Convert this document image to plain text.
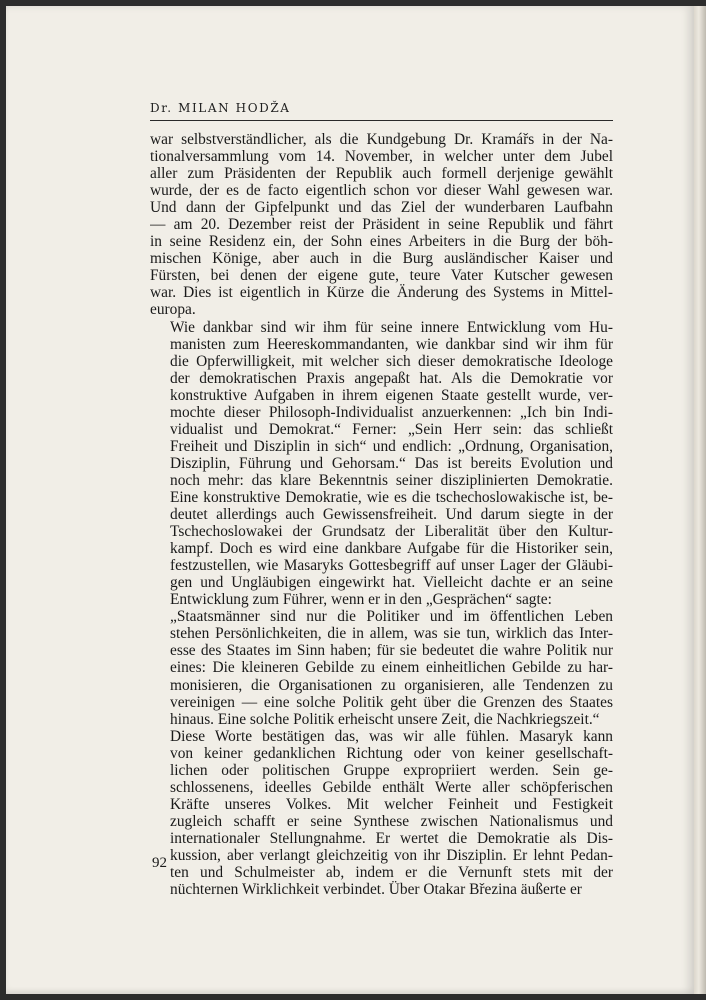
Dr. MILAN HODŽA

war selbstverständlicher, als die Kundgebung Dr. Kramářs in der Na-
tionalversammlung vom 14. November, in welcher unter dem Jubel
aller zum Präsidenten der Republik auch formell derjenige gewählt
wurde, der es de facto eigentlich schon vor dieser Wahl gewesen war.
Und dann der Gipfelpunkt und das Ziel der wunderbaren Laufbahn
— am 20. Dezember reist der Präsident in seine Republik und fährt
in seine Residenz ein, der Sohn eines Arbeiters in die Burg der böh-
mischen Könige, aber auch in die Burg ausländischer Kaiser und
Fürsten, bei denen der eigene gute, teure Vater Kutscher gewesen
war. Dies ist eigentlich in Kürze die Änderung des Systems in Mittel-
europa.

Wie dankbar sind wir ihm für seine innere Entwicklung vom Hu-
manisten zum Heereskommandanten, wie dankbar sind wir ihm für
die Opferwilligkeit, mit welcher sich dieser demokratische Ideologe
der demokratischen Praxis angepaßt hat. Als die Demokratie vor
konstruktive Aufgaben in ihrem eigenen Staate gestellt wurde, ver-
mochte dieser Philosoph-Individualist anzuerkennen: „Ich bin Indi-
vidualist und Demokrat.“ Ferner: „Sein Herr sein: das schließt
Freiheit und Disziplin in sich“ und endlich: „Ordnung, Organisation,
Disziplin, Führung und Gehorsam.“ Das ist bereits Evolution und
noch mehr: das klare Bekenntnis seiner disziplinierten Demokratie.
Eine konstruktive Demokratie, wie es die tschechoslowakische ist, be-
deutet allerdings auch Gewissensfreiheit. Und darum siegte in der
Tschechoslowakei der Grundsatz der Liberalität über den Kultur-
kampf. Doch es wird eine dankbare Aufgabe für die Historiker sein,
festzustellen, wie Masaryks Gottesbegriff auf unser Lager der Gläubi-
gen und Ungläubigen eingewirkt hat. Vielleicht dachte er an seine
Entwicklung zum Führer, wenn er in den „Gesprächen“ sagte:

„Staatsmänner sind nur die Politiker und im öffentlichen Leben
stehen Persönlichkeiten, die in allem, was sie tun, wirklich das Inter-
esse des Staates im Sinn haben; für sie bedeutet die wahre Politik nur
eines: Die kleineren Gebilde zu einem einheitlichen Gebilde zu har-
monisieren, die Organisationen zu organisieren, alle Tendenzen zu
vereinigen — eine solche Politik geht über die Grenzen des Staates
hinaus. Eine solche Politik erheischt unsere Zeit, die Nachkriegszeit.“

Diese Worte bestätigen das, was wir alle fühlen. Masaryk kann
von keiner gedanklichen Richtung oder von keiner gesellschaft-
lichen oder politischen Gruppe expropriiert werden. Sein ge-
schlossenens, ideelles Gebilde enthält Werte aller schöpferischen
Kräfte unseres Volkes. Mit welcher Feinheit und Festigkeit
zugleich schafft er seine Synthese zwischen Nationalismus und
internationaler Stellungnahme. Er wertet die Demokratie als Dis-
kussion, aber verlangt gleichzeitig von ihr Disziplin. Er lehnt Pedan-
ten und Schulmeister ab, indem er die Vernunft stets mit der
nüchternen Wirklichkeit verbindet. Über Otakar Březina äußerte er

92
